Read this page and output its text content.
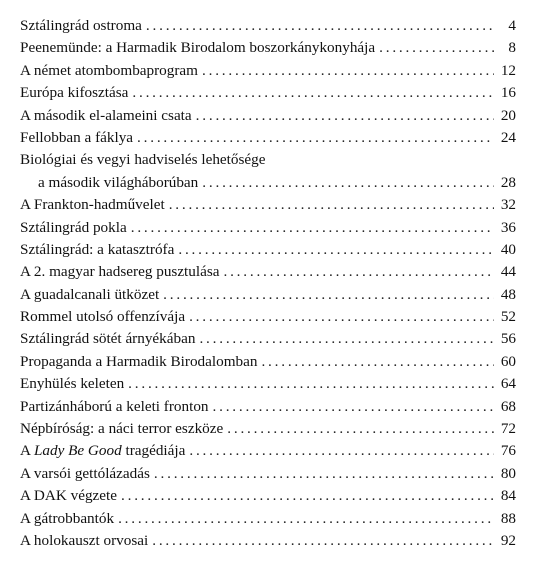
Sztálingrád ostroma . . .	4
Peenemünde: a Harmadik Birodalom boszorkánykonyhája . . .	8
A német atombombaprogram . . .	12
Európa kifosztása . . .	16
A második el-alameini csata . . .	20
Fellobban a fáklya . . .	24
Biológiai és vegyi hadviselés lehetősége
a második világháborúban . . .	28
A Frankton-hadművelet . . .	32
Sztálingrád pokla . . .	36
Sztálingrád: a katasztrófa . . .	40
A 2. magyar hadsereg pusztulása . . .	44
A guadalcanali ütközet . . .	48
Rommel utolsó offenzívája . . .	52
Sztálingrád sötét árnyékában . . .	56
Propaganda a Harmadik Birodalomban . . .	60
Enyhülés keleten . . .	64
Partizánháború a keleti fronton . . .	68
Népbíróság: a náci terror eszköze . . .	72
A Lady Be Good tragédiája . . .	76
A varsói gettólázadás . . .	80
A DAK végzete . . .	84
A gátrobbantók . . .	88
A holokauszt orvosai . . .	92
